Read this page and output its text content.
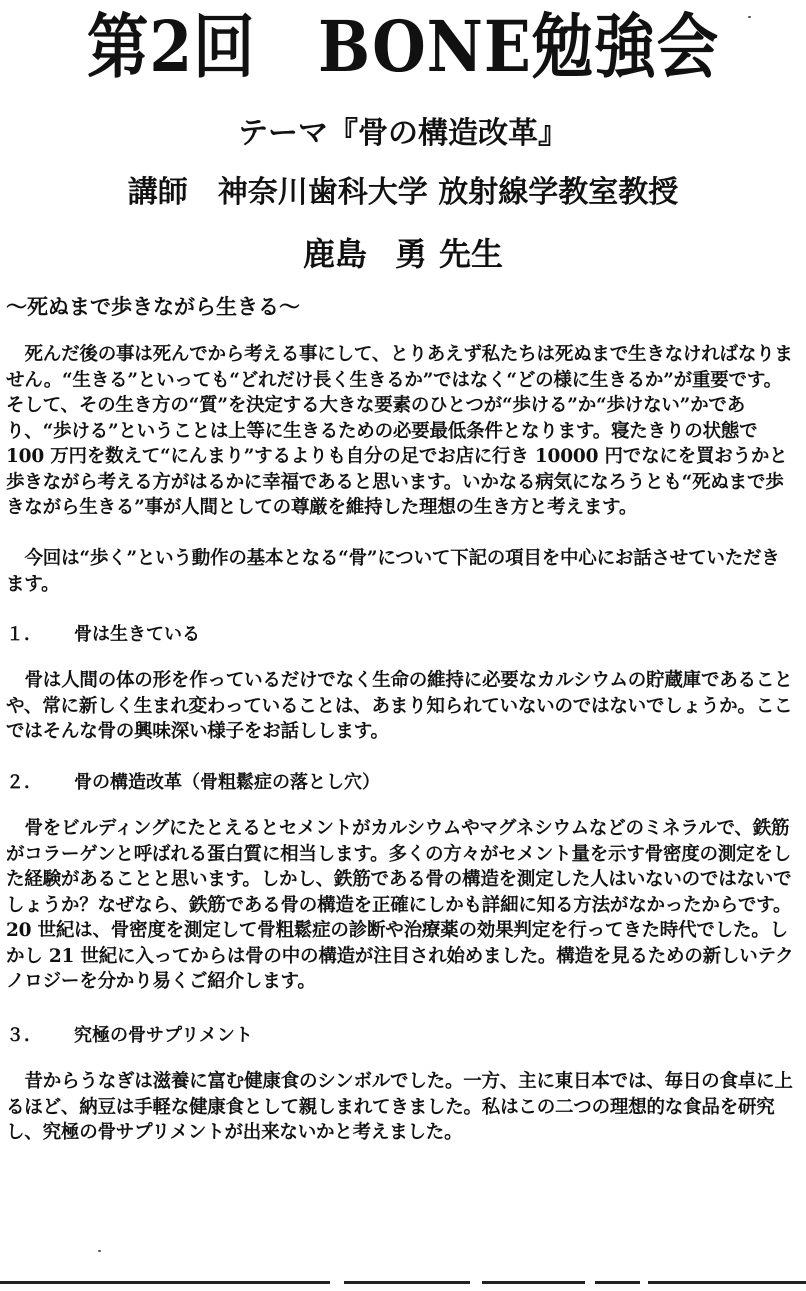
第2回　BONE勉強会
テーマ『骨の構造改革』
講師 神奈川歯科大学 放射線学教室教授
鹿島 勇 先生
～死ぬまで歩きながら生きる～

死んだ後の事は死んでから考える事にして、とりあえず私たちは死ぬまで生きなければなりません。“生きる”といっても“どれだけ長く生きるか”ではなく“どの様に生きるか”が重要です。そして、その生き方の“質”を決定する大きな要素のひとつが“歩ける”か“歩けない”かであり、“歩ける”ということは上等に生きるための必要最低条件となります。寝たきりの状態で 100 万円を数えて“にんまり”するよりも自分の足でお店に行き 10000 円でなにを買おうかと歩きながら考える方がはるかに幸福であると思います。いかなる病気になろうとも“死ぬまで歩きながら生きる”事が人間としての尊厳を維持した理想の生き方と考えます。

今回は“歩く”という動作の基本となる“骨”について下記の項目を中心にお話させていただきます。

１． 骨は生きている

骨は人間の体の形を作っているだけでなく生命の維持に必要なカルシウムの貯蔵庫であることや、常に新しく生まれ変わっていることは、あまり知られていないのではないでしょうか。ここではそんな骨の興味深い様子をお話しします。

２． 骨の構造改革（骨粗鬆症の落とし穴）

骨をビルディングにたとえるとセメントがカルシウムやマグネシウムなどのミネラルで、鉄筋がコラーゲンと呼ばれる蛋白質に相当します。多くの方々がセメント量を示す骨密度の測定をした経験があることと思います。しかし、鉄筋である骨の構造を測定した人はいないのではないでしょうか？なぜなら、鉄筋である骨の構造を正確にしかも詳細に知る方法がなかったからです。20 世紀は、骨密度を測定して骨粗鬆症の診断や治療薬の効果判定を行ってきた時代でした。しかし 21 世紀に入ってからは骨の中の構造が注目され始めました。構造を見るための新しいテクノロジーを分かり易くご紹介します。

３． 究極の骨サプリメント

昔からうなぎは滋養に富む健康食のシンボルでした。一方、主に東日本では、毎日の食卓に上るほど、納豆は手軽な健康食として親しまれてきました。私はこの二つの理想的な食品を研究し、究極の骨サプリメントが出来ないかと考えました。
